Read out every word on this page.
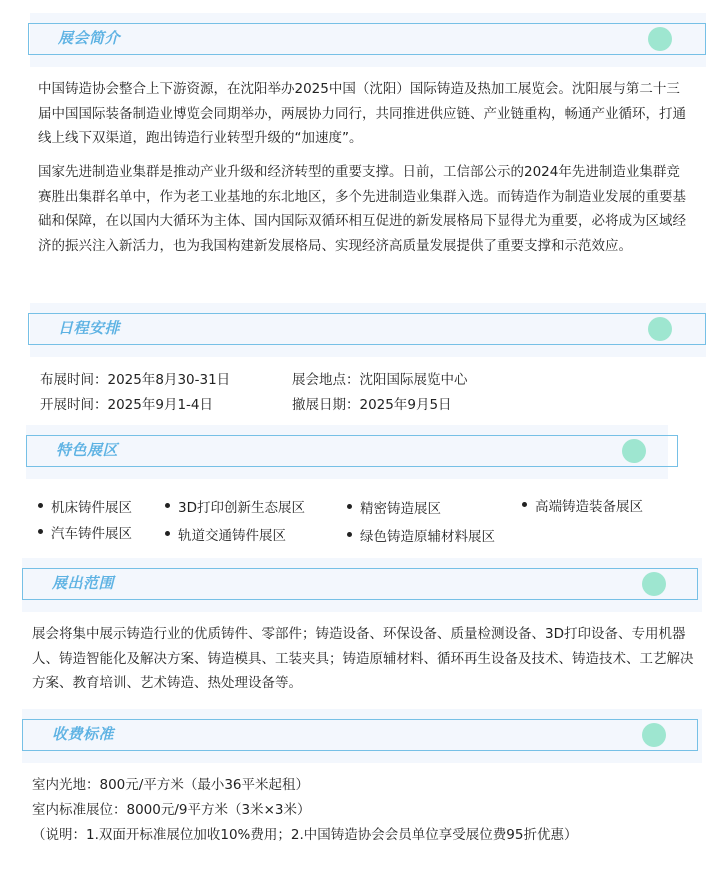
展会简介

中国铸造协会整合上下游资源，在沈阳举办2025中国（沈阳）国际铸造及热加工展览会。沈阳展与第二十三届中国国际装备制造业博览会同期举办，两展协力同行，共同推进供应链、产业链重构，畅通产业循环，打通线上线下双渠道，跑出铸造行业转型升级的“加速度”。

国家先进制造业集群是推动产业升级和经济转型的重要支撑。日前，工信部公示的2024年先进制造业集群竞赛胜出集群名单中，作为老工业基地的东北地区，多个先进制造业集群入选。而铸造作为制造业发展的重要基础和保障，在以国内大循环为主体、国内国际双循环相互促进的新发展格局下显得尤为重要，必将成为区域经济的振兴注入新活力，也为我国构建新发展格局、实现经济高质量发展提供了重要支撑和示范效应。

日程安排
布展时间：2025年8月30-31日	展会地点：沈阳国际展览中心
开展时间：2025年9月1-4日	撤展日期：2025年9月5日
特色展区
机床铸件展区	3D打印创新生态展区	精密铸造展区	高端铸造装备展区
汽车铸件展区	轨道交通铸件展区	绿色铸造原辅材料展区
展出范围

展会将集中展示铸造行业的优质铸件、零部件；铸造设备、环保设备、质量检测设备、3D打印设备、专用机器人、铸造智能化及解决方案、铸造模具、工装夹具；铸造原辅材料、循环再生设备及技术、铸造技术、工艺解决方案、教育培训、艺术铸造、热处理设备等。

收费标准
室内光地：800元/平方米（最小36平米起租）
室内标准展位：8000元/9平方米（3米×3米）
（说明：1.双面开标准展位加收10%费用；2.中国铸造协会会员单位享受展位费95折优惠）
